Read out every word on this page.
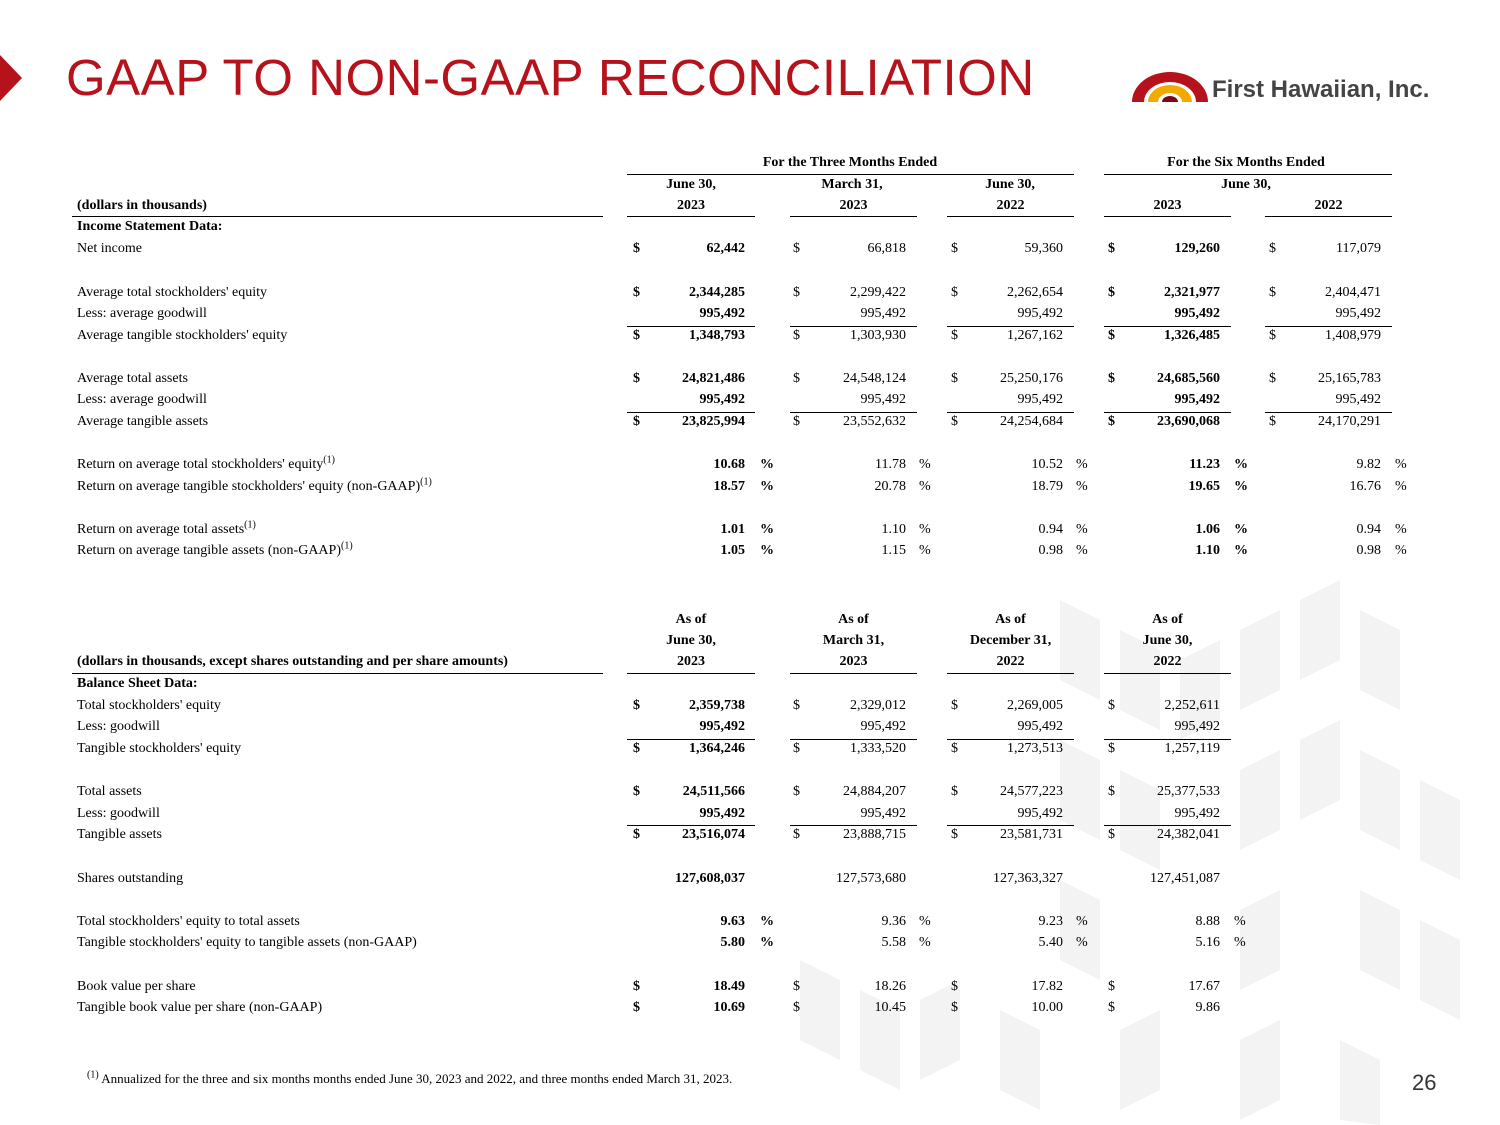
GAAP TO NON-GAAP RECONCILIATION	First Hawaiian, Inc.
For the Three Months Ended	For the Six Months Ended
June 30,	March 31,	June 30,	June 30,
2023	2023	2022	2023	2022
(dollars in thousands)
Income Statement Data:
Net income	$	62,442	$	66,818	$	59,360	$	129,260	$	117,079
Average total stockholders' equity	$	2,344,285	$	2,299,422	$	2,262,654	$	2,321,977	$	2,404,471
Less: average goodwill	995,492	995,492	995,492	995,492	995,492
Average tangible stockholders' equity	$	1,348,793	$	1,303,930	$	1,267,162	$	1,326,485	$	1,408,979
Average total assets	$	24,821,486	$	24,548,124	$	25,250,176	$	24,685,560	$	25,165,783
Less: average goodwill	995,492	995,492	995,492	995,492	995,492
Average tangible assets	$	23,825,994	$	23,552,632	$	24,254,684	$	23,690,068	$	24,170,291
Return on average total stockholders' equity$^{(1)}$	10.68 %	11.78 %	10.52 %	11.23 %	9.82 %
Return on average tangible stockholders' equity (non-GAAP)$^{(1)}$	18.57 %	20.78 %	18.79 %	19.65 %	16.76 %
Return on average total assets$^{(1)}$	1.01 %	1.10 %	0.94 %	1.06 %	0.94 %
Return on average tangible assets (non-GAAP)$^{(1)}$	1.05 %	1.15 %	0.98 %	1.10 %	0.98 %
As of	As of	As of	As of
June 30,	March 31,	December 31,	June 30,
2023	2023	2022	2022
(dollars in thousands, except shares outstanding and per share amounts)
Balance Sheet Data:
Total stockholders' equity	$	2,359,738	$	2,329,012	$	2,269,005	$	2,252,611
Less: goodwill	995,492	995,492	995,492	995,492
Tangible stockholders' equity	$	1,364,246	$	1,333,520	$	1,273,513	$	1,257,119
Total assets	$	24,511,566	$	24,884,207	$	24,577,223	$	25,377,533
Less: goodwill	995,492	995,492	995,492	995,492
Tangible assets	$	23,516,074	$	23,888,715	$	23,581,731	$	24,382,041
Shares outstanding	127,608,037	127,573,680	127,363,327	127,451,087
Total stockholders' equity to total assets	9.63 %	9.36 %	9.23 %	8.88 %
Tangible stockholders' equity to tangible assets (non-GAAP)	5.80 %	5.58 %	5.40 %	5.16 %
Book value per share	$	18.49	$	18.26	$	17.82	$	17.67
Tangible book value per share (non-GAAP)	$	10.69	$	10.45	$	10.00	$	9.86
$^{(1)}$ Annualized for the three and six months months ended June 30, 2023 and 2022, and three months ended March 31, 2023.	26
